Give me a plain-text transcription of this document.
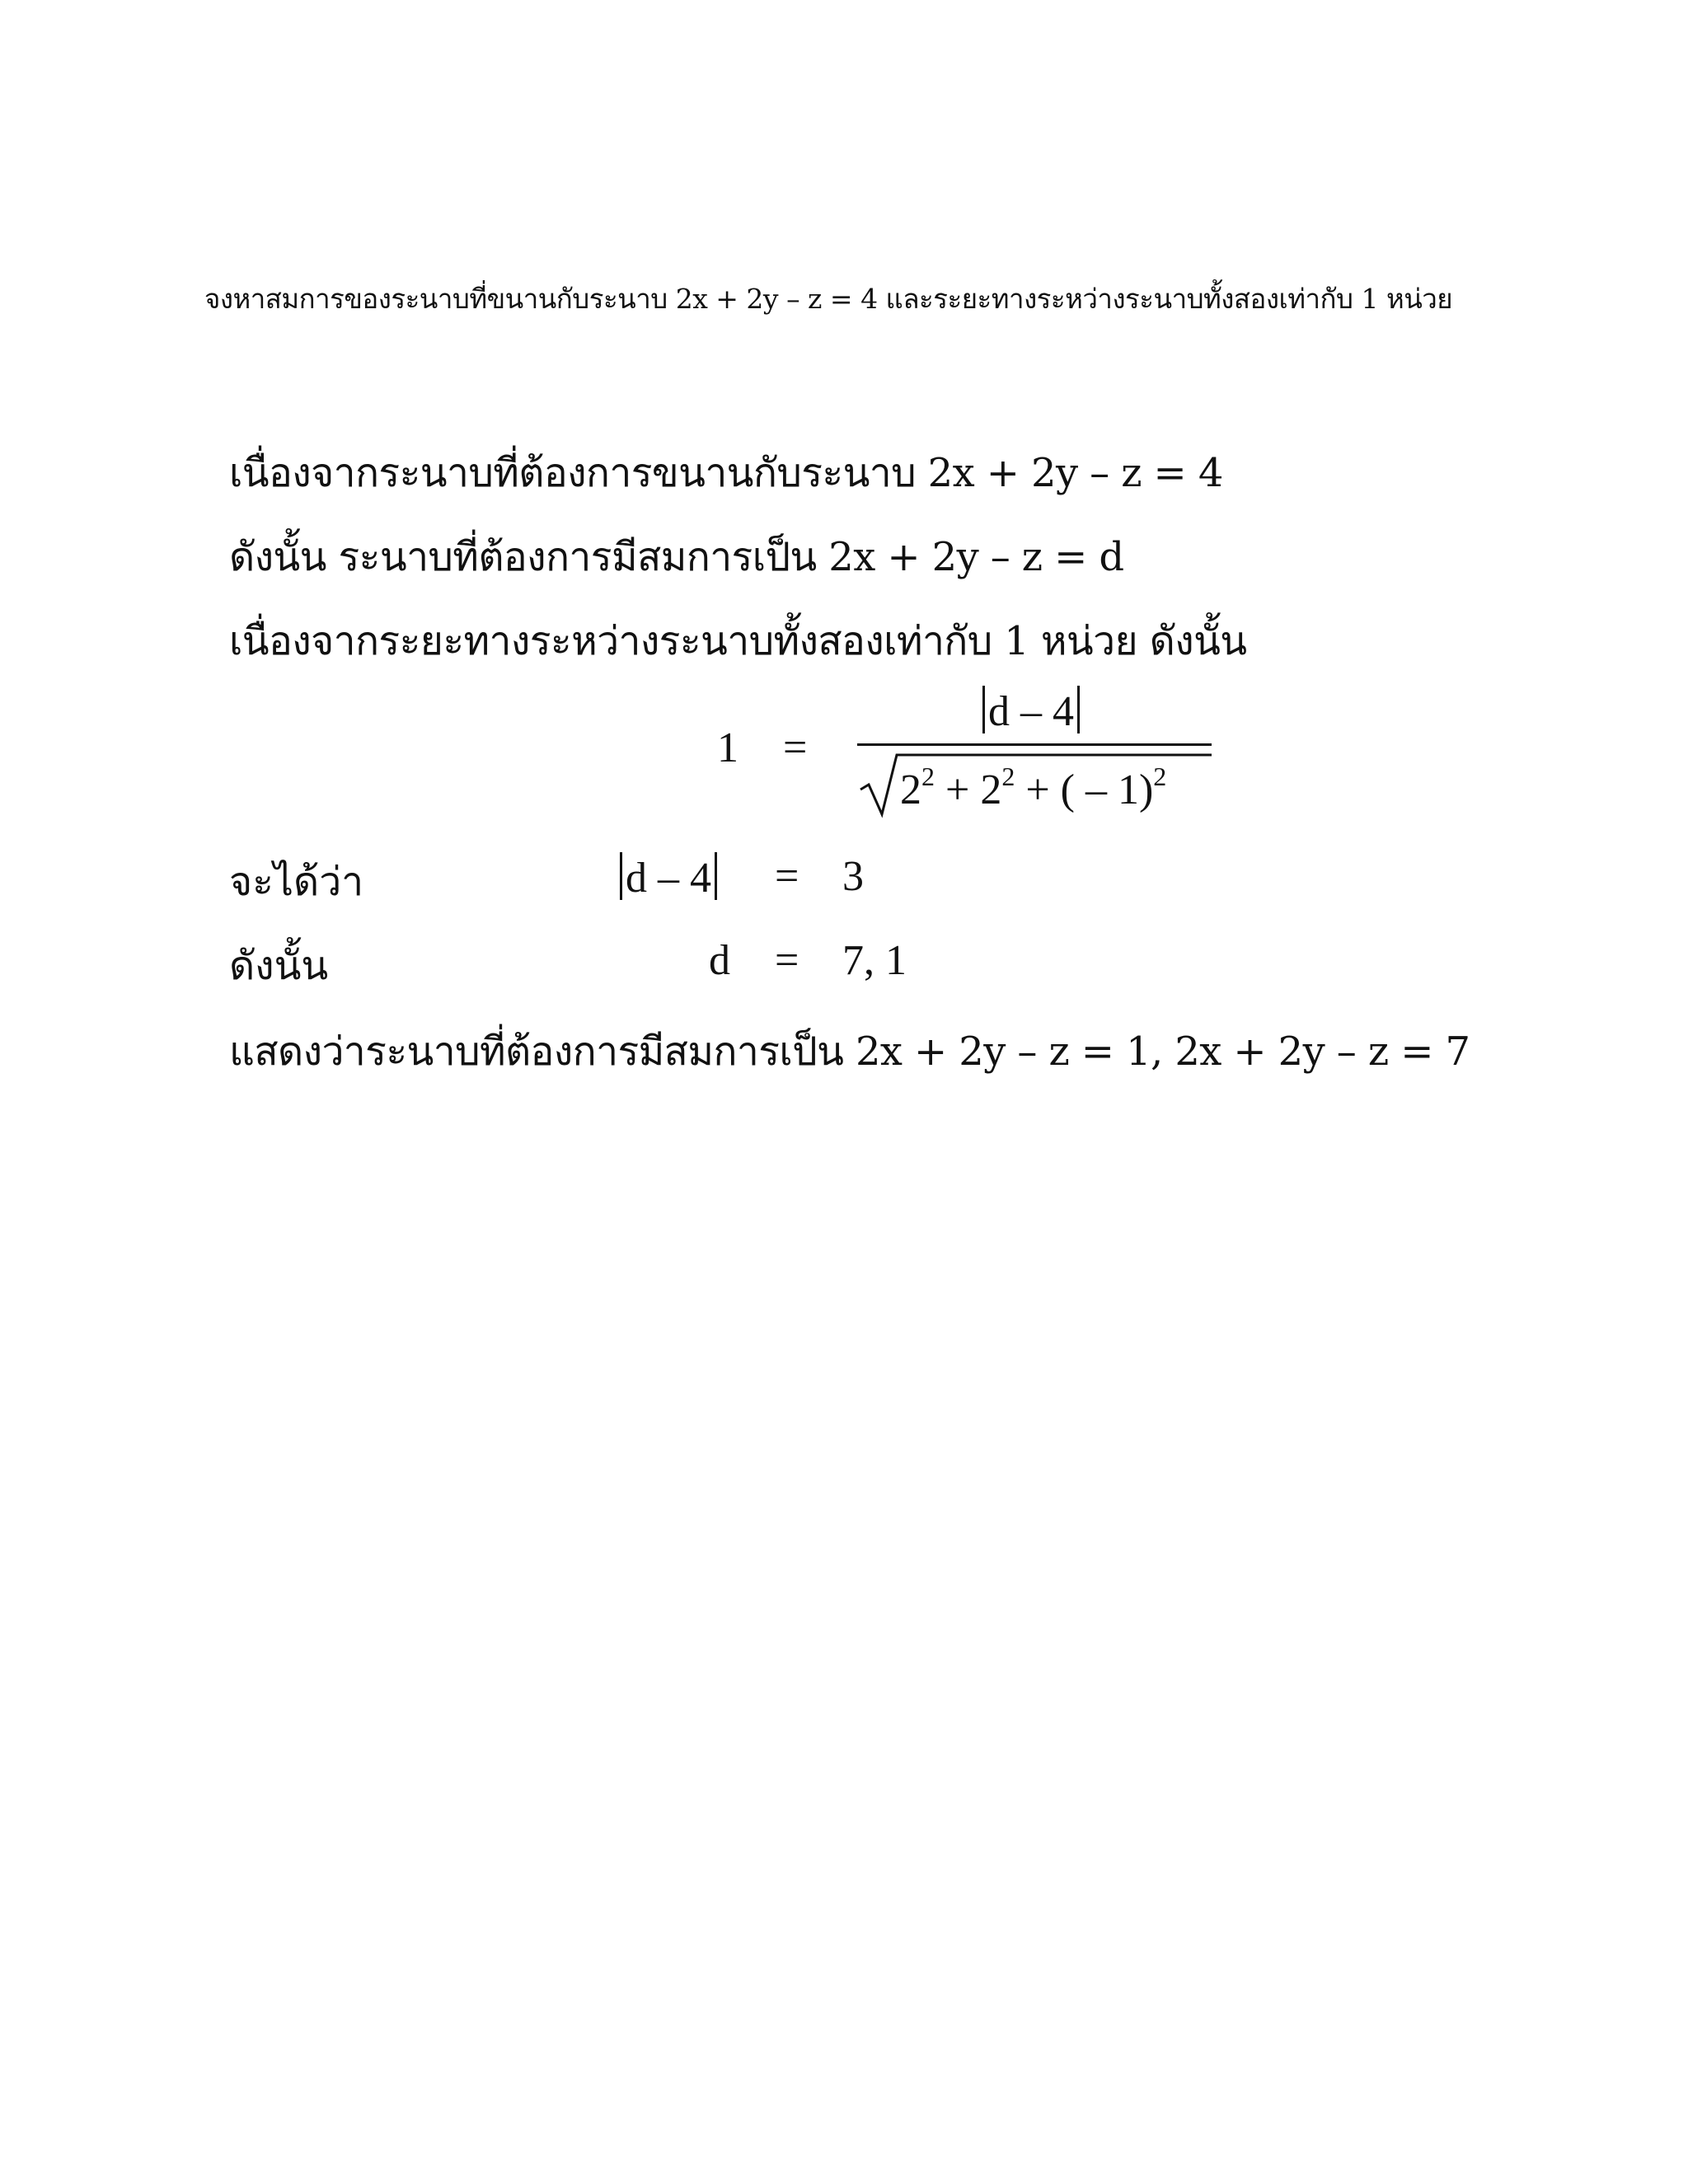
จงหาสมการของระนาบที่ขนานกับระนาบ 2x + 2y – z = 4 และระยะทางระหว่างระนาบทั้งสองเท่ากับ 1 หน่วย
เนื่องจากระนาบที่ต้องการขนานกับระนาบ 2x + 2y – z = 4
ดังนั้น ระนาบที่ต้องการมีสมการเป็น 2x + 2y – z = d
เนื่องจากระยะทางระหว่างระนาบทั้งสองเท่ากับ 1 หน่วย ดังนั้น
1 =
d – 4
$2^2 + 2^2$ + ( – 1)$^2$
จะได้ว่า	d – 4 = 3
ดังนั้น	d = 7, 1
แสดงว่าระนาบที่ต้องการมีสมการเป็น 2x + 2y – z = 1, 2x + 2y – z = 7
